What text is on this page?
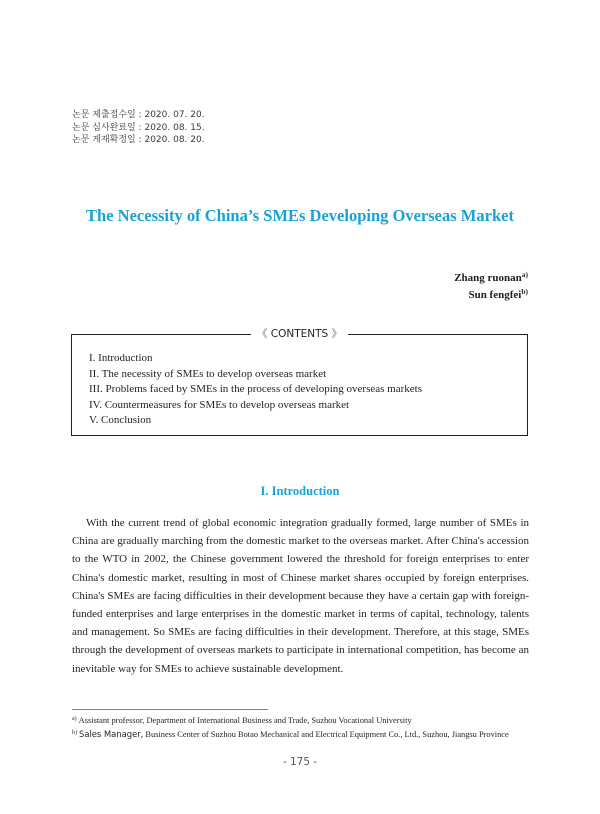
논문 제출접수일 : 2020. 07. 20.
논문 심사완료일 : 2020. 08. 15.
논문 게재확정일 : 2020. 08. 20.
The Necessity of China’s SMEs Developing Overseas Market
Zhang ruonan$^{a)}$
Sun fengfei$^{b)}$
《 CONTENTS 》
I. Introduction
II. The necessity of SMEs to develop overseas market
III. Problems faced by SMEs in the process of developing overseas markets
IV. Countermeasures for SMEs to develop overseas market
V. Conclusion
I. Introduction

With the current trend of global economic integration gradually formed, large number of SMEs in China are gradually marching from the domestic market to the overseas market. After China's accession to the WTO in 2002, the Chinese government lowered the threshold for foreign enterprises to enter China's domestic market, resulting in most of Chinese market shares occupied by foreign enterprises. China's SMEs are facing difficulties in their development because they have a certain gap with foreign-funded enterprises and large enterprises in the domestic market in terms of capital, technology, talents and management. So SMEs are facing difficulties in their development. Therefore, at this stage, SMEs through the development of overseas markets to participate in international competition, has become an inevitable way for SMEs to achieve sustainable development.

$^{a)}$ Assistant professor, Department of International Business and Trade, Suzhou Vocational University
$^{b)}$ Sales Manager, Business Center of Suzhou Botao Mechanical and Electrical Equipment Co., Ltd., Suzhou, Jiangsu Province
- 175 -
